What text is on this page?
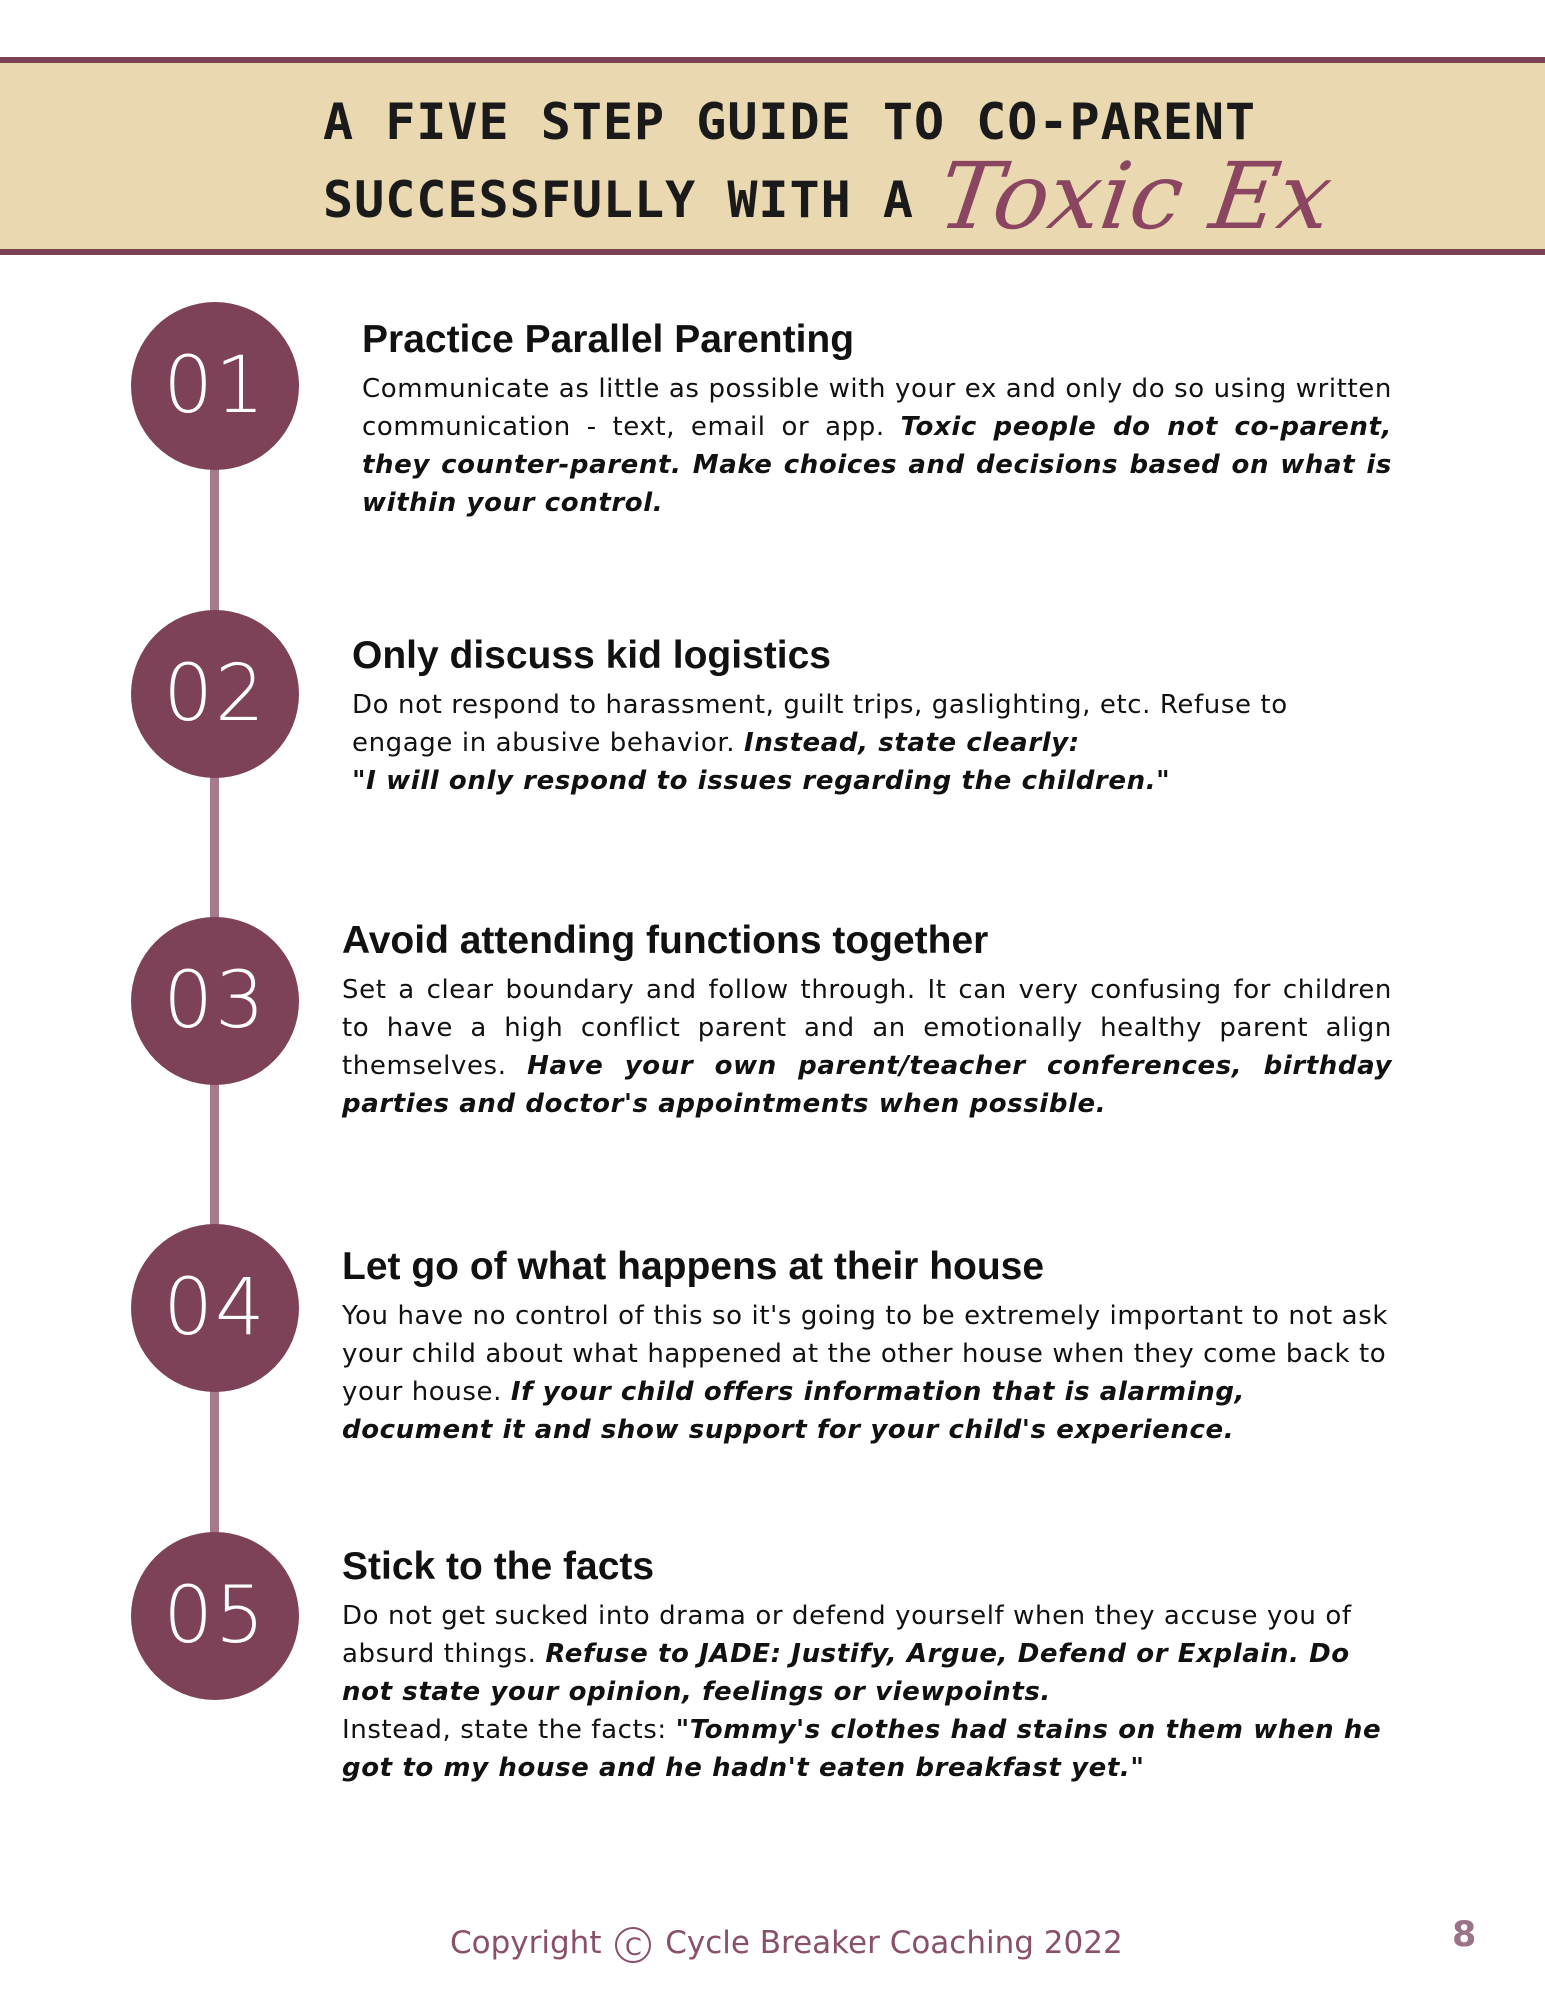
A FIVE STEP GUIDE TO CO-PARENT
SUCCESSFULLY WITH A Toxic Ex
01
02
03
04
05
Practice Parallel Parenting

Communicate as little as possible with your ex and only do so using written communication - text, email or app. Toxic people do not co-parent, they counter-parent. Make choices and decisions based on what is within your control.

Only discuss kid logistics

Do not respond to harassment, guilt trips, gaslighting, etc. Refuse to engage in abusive behavior. Instead, state clearly:
"I will only respond to issues regarding the children."

Avoid attending functions together

Set a clear boundary and follow through. It can very confusing for children to have a high conflict parent and an emotionally healthy parent align themselves. Have your own parent/teacher conferences, birthday parties and doctor's appointments when possible.

Let go of what happens at their house

You have no control of this so it's going to be extremely important to not ask your child about what happened at the other house when they come back to your house. If your child offers information that is alarming, document it and show support for your child's experience.

Stick to the facts

Do not get sucked into drama or defend yourself when they accuse you of absurd things. Refuse to JADE: Justify, Argue, Defend or Explain. Do not state your opinion, feelings or viewpoints.
Instead, state the facts: "Tommy's clothes had stains on them when he got to my house and he hadn't eaten breakfast yet."

Copyright C Cycle Breaker Coaching 2022	8
